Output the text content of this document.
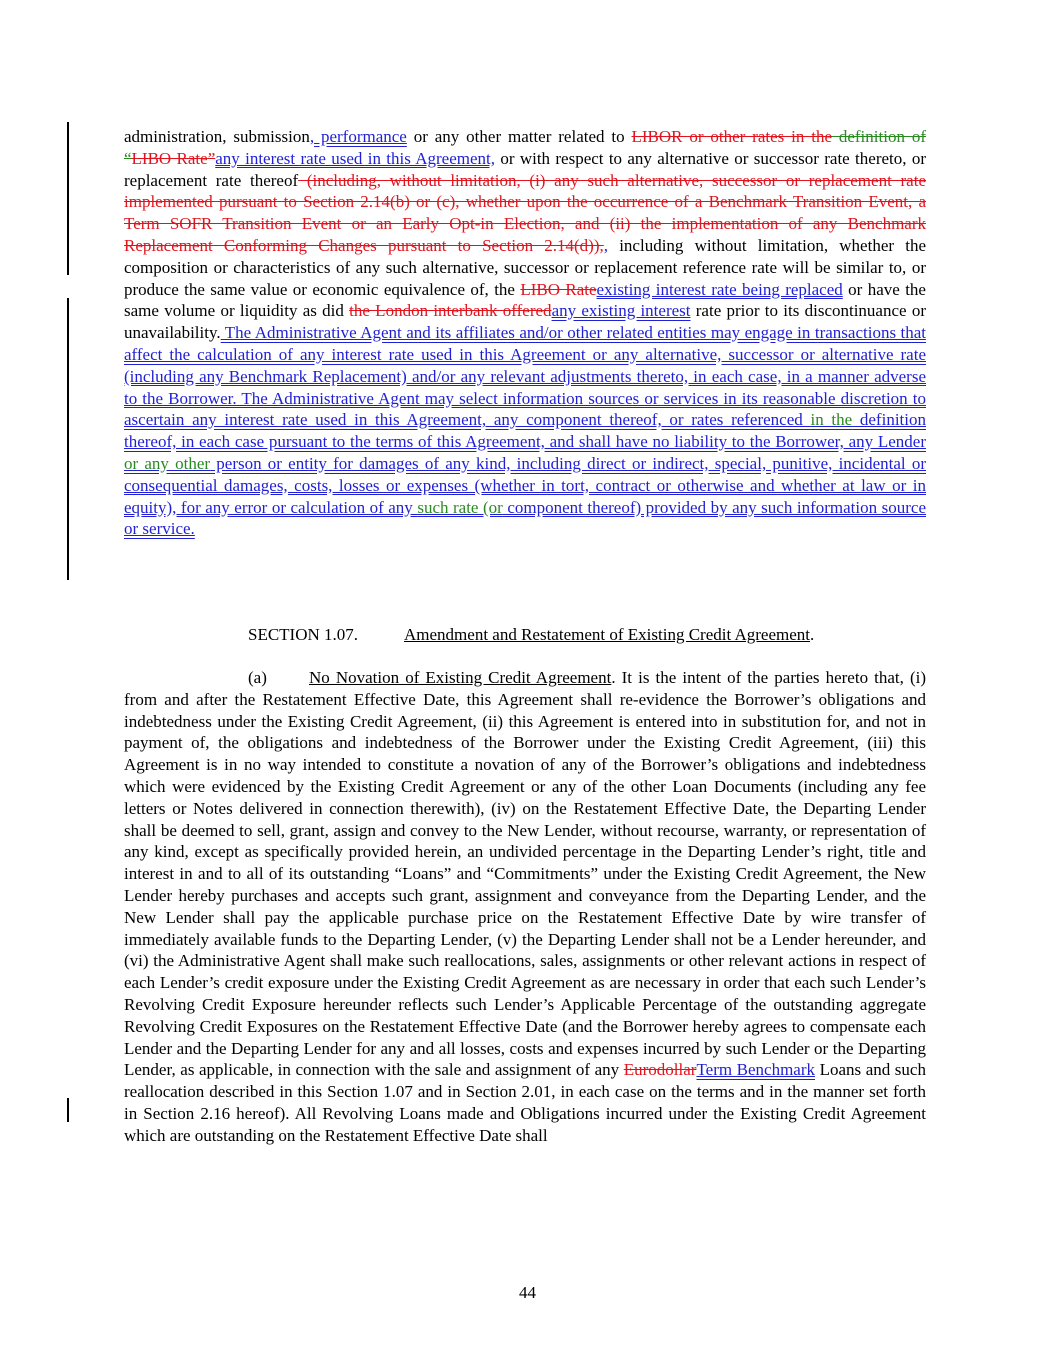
administration, submission, performance or any other matter related to LIBOR or other rates in the definition of “LIBO Rate”any interest rate used in this Agreement, or with respect to any alternative or successor rate thereto, or replacement rate thereof (including, without limitation, (i) any such alternative, successor or replacement rate implemented pursuant to Section 2.14(b) or (c), whether upon the occurrence of a Benchmark Transition Event, a Term SOFR Transition Event or an Early Opt-in Election, and (ii) the implementation of any Benchmark Replacement Conforming Changes pursuant to Section 2.14(d)),, including without limitation, whether the composition or characteristics of any such alternative, successor or replacement reference rate will be similar to, or produce the same value or economic equivalence of, the LIBO Rateexisting interest rate being replaced or have the same volume or liquidity as did the London interbank offeredany existing interest rate prior to its discontinuance or unavailability. The Administrative Agent and its affiliates and/or other related entities may engage in transactions that affect the calculation of any interest rate used in this Agreement or any alternative, successor or alternative rate (including any Benchmark Replacement) and/or any relevant adjustments thereto, in each case, in a manner adverse to the Borrower. The Administrative Agent may select information sources or services in its reasonable discretion to ascertain any interest rate used in this Agreement, any component thereof, or rates referenced in the definition thereof, in each case pursuant to the terms of this Agreement, and shall have no liability to the Borrower, any Lender or any other person or entity for damages of any kind, including direct or indirect, special, punitive, incidental or consequential damages, costs, losses or expenses (whether in tort, contract or otherwise and whether at law or in equity), for any error or calculation of any such rate (or component thereof) provided by any such information source or service.

SECTION 1.07.	Amendment and Restatement of Existing Credit Agreement.

(a) No Novation of Existing Credit Agreement. It is the intent of the parties hereto that, (i) from and after the Restatement Effective Date, this Agreement shall re-evidence the Borrower’s obligations and indebtedness under the Existing Credit Agreement, (ii) this Agreement is entered into in substitution for, and not in payment of, the obligations and indebtedness of the Borrower under the Existing Credit Agreement, (iii) this Agreement is in no way intended to constitute a novation of any of the Borrower’s obligations and indebtedness which were evidenced by the Existing Credit Agreement or any of the other Loan Documents (including any fee letters or Notes delivered in connection therewith), (iv) on the Restatement Effective Date, the Departing Lender shall be deemed to sell, grant, assign and convey to the New Lender, without recourse, warranty, or representation of any kind, except as specifically provided herein, an undivided percentage in the Departing Lender’s right, title and interest in and to all of its outstanding “Loans” and “Commitments” under the Existing Credit Agreement, the New Lender hereby purchases and accepts such grant, assignment and conveyance from the Departing Lender, and the New Lender shall pay the applicable purchase price on the Restatement Effective Date by wire transfer of immediately available funds to the Departing Lender, (v) the Departing Lender shall not be a Lender hereunder, and (vi) the Administrative Agent shall make such reallocations, sales, assignments or other relevant actions in respect of each Lender’s credit exposure under the Existing Credit Agreement as are necessary in order that each such Lender’s Revolving Credit Exposure hereunder reflects such Lender’s Applicable Percentage of the outstanding aggregate Revolving Credit Exposures on the Restatement Effective Date (and the Borrower hereby agrees to compensate each Lender and the Departing Lender for any and all losses, costs and expenses incurred by such Lender or the Departing Lender, as applicable, in connection with the sale and assignment of any EurodollarTerm Benchmark Loans and such reallocation described in this Section 1.07 and in Section 2.01, in each case on the terms and in the manner set forth in Section 2.16 hereof). All Revolving Loans made and Obligations incurred under the Existing Credit Agreement which are outstanding on the Restatement Effective Date shall

44
